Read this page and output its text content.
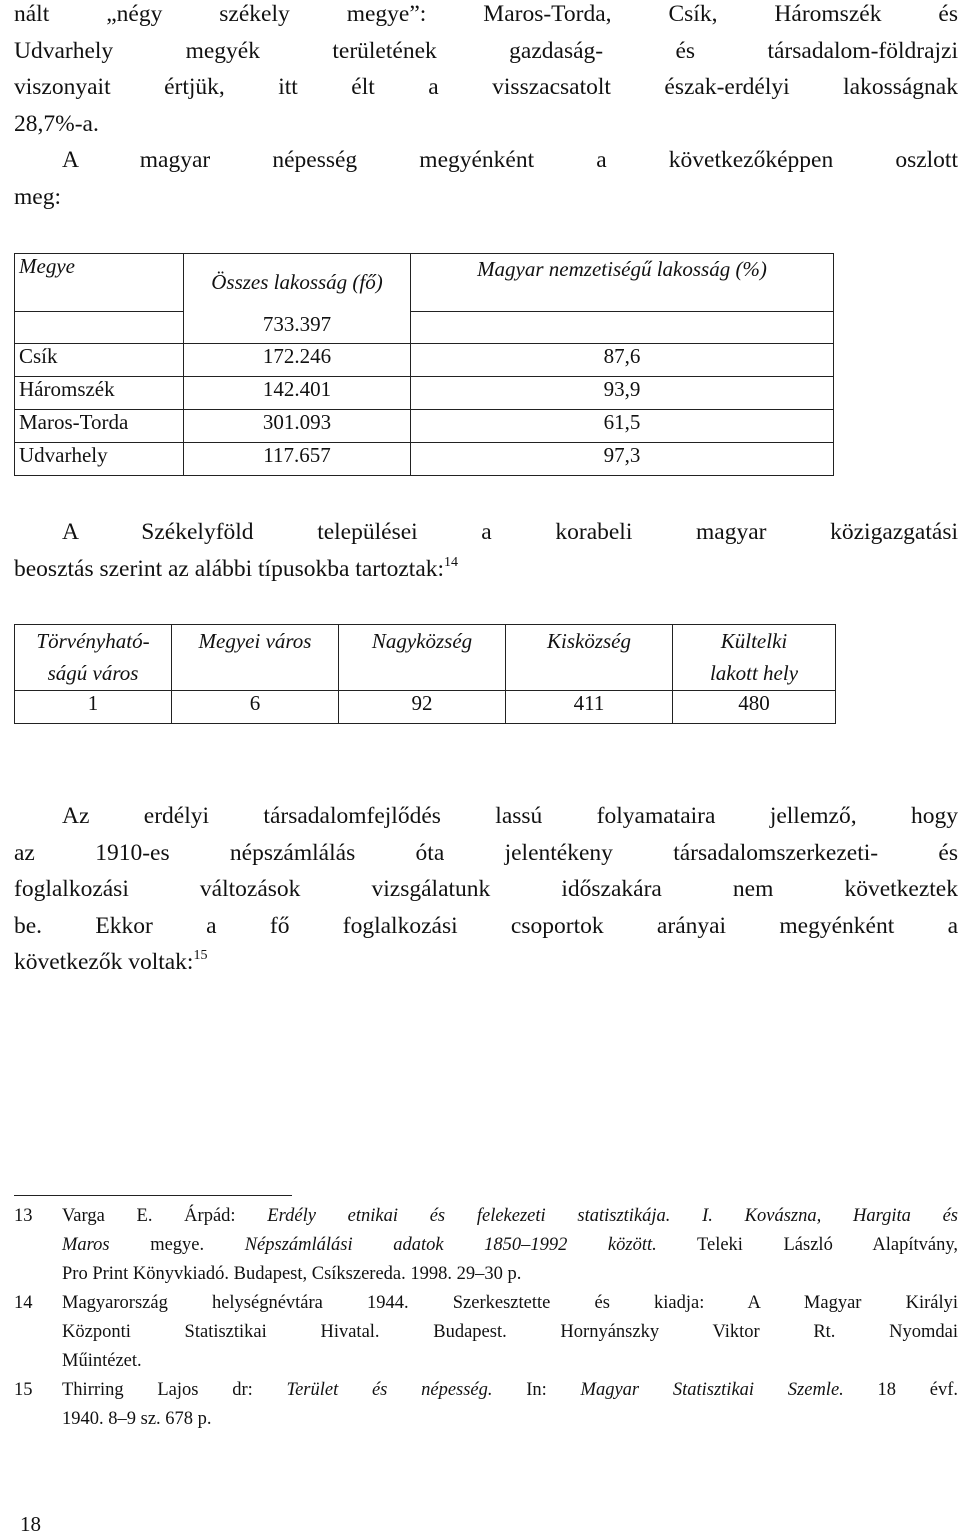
nált „négy székely megye”: Maros-Torda, Csík, Háromszék és
Udvarhely megyék területének gazdaság- és társadalom-földrajzi
viszonyait értjük, itt élt a visszacsatolt észak-erdélyi lakosságnak
28,7%-a.
A magyar népesség megyénként a következőképpen oszlott
meg:
Megye	Összes lakosság (fő)	Magyar nemzetiségű lakosság (%)
	733.397	
Csík	172.246	87,6
Háromszék	142.401	93,9
Maros-Torda	301.093	61,5
Udvarhely	117.657	97,3
A Székelyföld települései a korabeli magyar közigazgatási
beosztás szerint az alábbi típusokba tartoztak:$^{14}$
Törvényható-ságú város	Megyei város	Nagyközség	Kisközség	Kültelki lakott hely
1	6	92	411	480
Az erdélyi társadalomfejlődés lassú folyamataira jellemző, hogy
az 1910-es népszámlálás óta jelentékeny társadalomszerkezeti- és
foglalkozási változások vizsgálatunk időszakára nem következtek
be. Ekkor a fő foglalkozási csoportok arányai megyénként a
következők voltak:$^{15}$
13	Varga E. Árpád: Erdély etnikai és felekezeti statisztikája. I. Kovászna, Hargita és
Maros megye. Népszámlálási adatok 1850–1992 között. Teleki László Alapítvány,
Pro Print Könyvkiadó. Budapest, Csíkszereda. 1998. 29–30 p.
14	Magyarország helységnévtára 1944. Szerkesztette és kiadja: A Magyar Királyi
Központi Statisztikai Hivatal. Budapest. Hornyánszky Viktor Rt. Nyomdai
Műintézet.
15	Thirring Lajos dr: Terület és népesség. In: Magyar Statisztikai Szemle. 18 évf.
1940. 8–9 sz. 678 p.
18
